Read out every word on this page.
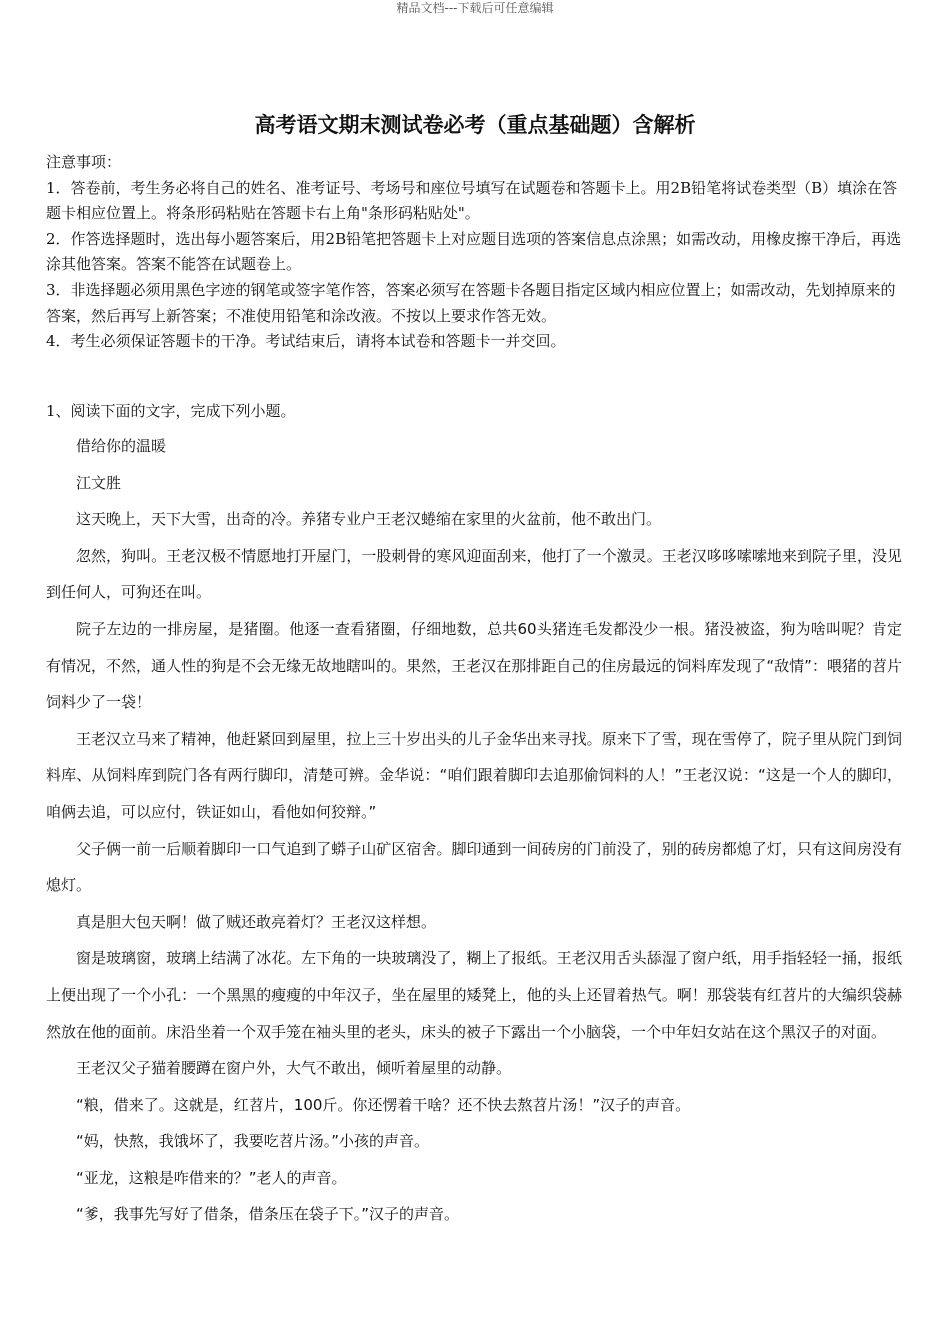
精品文档---下载后可任意编辑
高考语文期末测试卷必考（重点基础题）含解析

注意事项：

1．答卷前，考生务必将自己的姓名、准考证号、考场号和座位号填写在试题卷和答题卡上。用2B铅笔将试卷类型（B）填涂在答题卡相应位置上。将条形码粘贴在答题卡右上角"条形码粘贴处"。

2．作答选择题时，选出每小题答案后，用2B铅笔把答题卡上对应题目选项的答案信息点涂黑；如需改动，用橡皮擦干净后，再选涂其他答案。答案不能答在试题卷上。

3．非选择题必须用黑色字迹的钢笔或签字笔作答，答案必须写在答题卡各题目指定区域内相应位置上；如需改动，先划掉原来的答案，然后再写上新答案；不准使用铅笔和涂改液。不按以上要求作答无效。

4．考生必须保证答题卡的干净。考试结束后，请将本试卷和答题卡一并交回。

1、阅读下面的文字，完成下列小题。

借给你的温暖

江文胜

这天晚上，天下大雪，出奇的冷。养猪专业户王老汉蜷缩在家里的火盆前，他不敢出门。

忽然，狗叫。王老汉极不情愿地打开屋门，一股刺骨的寒风迎面刮来，他打了一个激灵。王老汉哆哆嗦嗦地来到院子里，没见到任何人，可狗还在叫。

院子左边的一排房屋，是猪圈。他逐一查看猪圈，仔细地数，总共60头猪连毛发都没少一根。猪没被盗，狗为啥叫呢？肯定有情况，不然，通人性的狗是不会无缘无故地瞎叫的。果然，王老汉在那排距自己的住房最远的饲料库发现了“敌情”：喂猪的苕片饲料少了一袋！

王老汉立马来了精神，他赶紧回到屋里，拉上三十岁出头的儿子金华出来寻找。原来下了雪，现在雪停了，院子里从院门到饲料库、从饲料库到院门各有两行脚印，清楚可辨。金华说：“咱们跟着脚印去追那偷饲料的人！”王老汉说：“这是一个人的脚印，咱俩去追，可以应付，铁证如山，看他如何狡辩。”

父子俩一前一后顺着脚印一口气追到了蟒子山矿区宿舍。脚印通到一间砖房的门前没了，别的砖房都熄了灯，只有这间房没有熄灯。

真是胆大包天啊！做了贼还敢亮着灯？王老汉这样想。

窗是玻璃窗，玻璃上结满了冰花。左下角的一块玻璃没了，糊上了报纸。王老汉用舌头舔湿了窗户纸，用手指轻轻一捅，报纸上便出现了一个小孔：一个黑黑的瘦瘦的中年汉子，坐在屋里的矮凳上，他的头上还冒着热气。啊！那袋装有红苕片的大编织袋赫然放在他的面前。床沿坐着一个双手笼在袖头里的老头，床头的被子下露出一个小脑袋，一个中年妇女站在这个黑汉子的对面。

王老汉父子猫着腰蹲在窗户外，大气不敢出，倾听着屋里的动静。

“粮，借来了。这就是，红苕片，100斤。你还愣着干啥？还不快去熬苕片汤！”汉子的声音。

“妈，快熬，我饿坏了，我要吃苕片汤。”小孩的声音。

“亚龙，这粮是咋借来的？”老人的声音。

“爹，我事先写好了借条，借条压在袋子下。”汉子的声音。
